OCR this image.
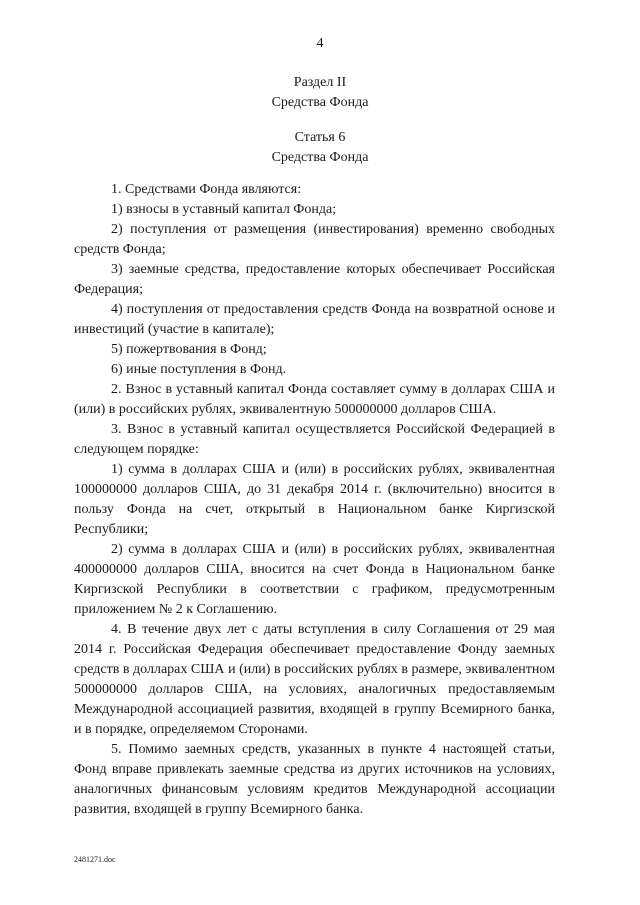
4
Раздел II
Средства Фонда
Статья 6
Средства Фонда

1. Средствами Фонда являются:

1) взносы в уставный капитал Фонда;

2) поступления от размещения (инвестирования) временно свободных средств Фонда;

3) заемные средства, предоставление которых обеспечивает Российская Федерация;

4) поступления от предоставления средств Фонда на возвратной основе и инвестиций (участие в капитале);

5) пожертвования в Фонд;

6) иные поступления в Фонд.

2. Взнос в уставный капитал Фонда составляет сумму в долларах США и (или) в российских рублях, эквивалентную 500000000 долларов США.

3. Взнос в уставный капитал осуществляется Российской Федерацией в следующем порядке:

1) сумма в долларах США и (или) в российских рублях, эквивалентная 100000000 долларов США, до 31 декабря 2014 г. (включительно) вносится в пользу Фонда на счет, открытый в Национальном банке Киргизской Республики;

2) сумма в долларах США и (или) в российских рублях, эквивалентная 400000000 долларов США, вносится на счет Фонда в Национальном банке Киргизской Республики в соответствии с графиком, предусмотренным приложением № 2 к Соглашению.

4. В течение двух лет с даты вступления в силу Соглашения от 29 мая 2014 г. Российская Федерация обеспечивает предоставление Фонду заемных средств в долларах США и (или) в российских рублях в размере, эквивалентном 500000000 долларов США, на условиях, аналогичных предоставляемым Международной ассоциацией развития, входящей в группу Всемирного банка, и в порядке, определяемом Сторонами.

5. Помимо заемных средств, указанных в пункте 4 настоящей статьи, Фонд вправе привлекать заемные средства из других источников на условиях, аналогичных финансовым условиям кредитов Международной ассоциации развития, входящей в группу Всемирного банка.

2481271.doc
